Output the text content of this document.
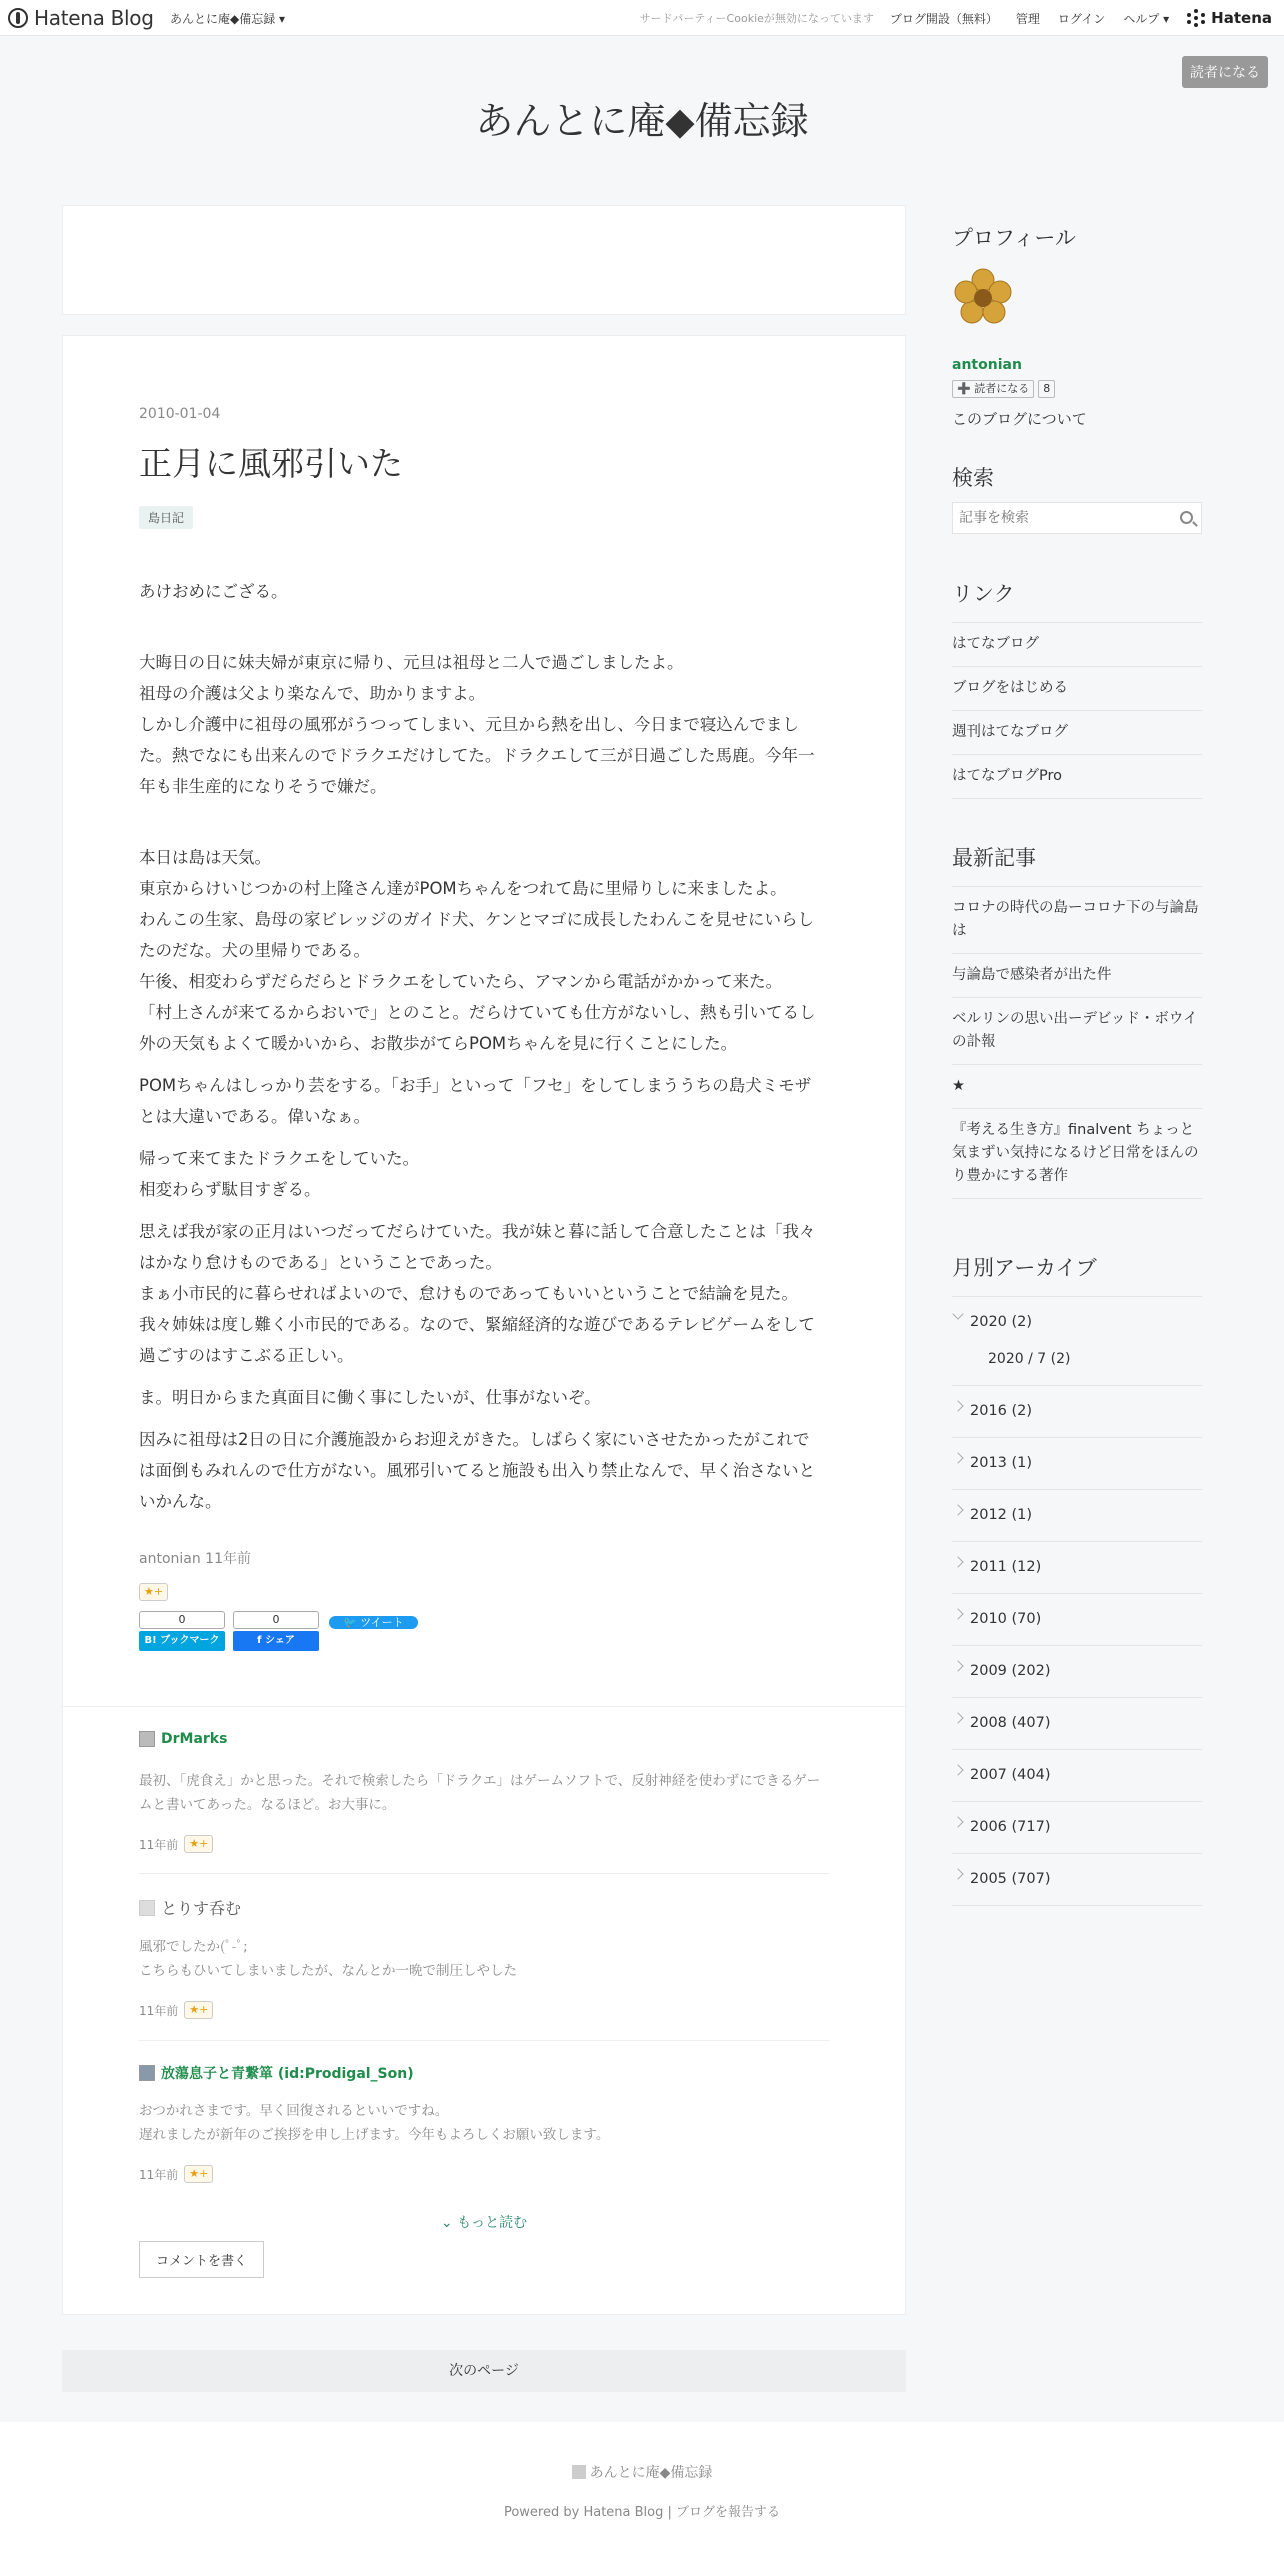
Hatena Blog あんとに庵◆備忘録 ▾	サードパーティーCookieが無効になっています ブログ開設（無料） 管理 ログイン ヘルプ ▾	Hatena
読者になる
あんとに庵◆備忘録
2010-01-04
正月に風邪引いた
島日記

あけおめにござる。

大晦日の日に妹夫婦が東京に帰り、元旦は祖母と二人で過ごしましたよ。
祖母の介護は父より楽なんで、助かりますよ。
しかし介護中に祖母の風邪がうつってしまい、元旦から熱を出し、今日まで寝込んでました。熱でなにも出来んのでドラクエだけしてた。ドラクエして三が日過ごした馬鹿。今年一年も非生産的になりそうで嫌だ。

本日は島は天気。
東京からけいじつかの村上隆さん達がPOMちゃんをつれて島に里帰りしに来ましたよ。
わんこの生家、島母の家ビレッジのガイド犬、ケンとマゴに成長したわんこを見せにいらしたのだな。犬の里帰りである。
午後、相変わらずだらだらとドラクエをしていたら、アマンから電話がかかって来た。
「村上さんが来てるからおいで」とのこと。だらけていても仕方がないし、熱も引いてるし外の天気もよくて暖かいから、お散歩がてらPOMちゃんを見に行くことにした。

POMちゃんはしっかり芸をする。「お手」といって「フセ」をしてしまううちの島犬ミモザとは大違いである。偉いなぁ。

帰って来てまたドラクエをしていた。
相変わらず駄目すぎる。

思えば我が家の正月はいつだってだらけていた。我が妹と暮に話して合意したことは「我々はかなり怠けものである」ということであった。
まぁ小市民的に暮らせればよいので、怠けものであってもいいということで結論を見た。
我々姉妹は度し難く小市民的である。なので、緊縮経済的な遊びであるテレビゲームをして過ごすのはすこぶる正しい。

ま。明日からまた真面目に働く事にしたいが、仕事がないぞ。

因みに祖母は2日の日に介護施設からお迎えがきた。しばらく家にいさせたかったがこれでは面倒もみれんので仕方がない。風邪引いてると施設も出入り禁止なんで、早く治さないといかんな。

antonian 11年前
★+
0
B! ブックマーク
0
f シェア
🐦 ツイート
DrMarks
最初、「虎食え」かと思った。それで検索したら「ドラクエ」はゲームソフトで、反射神経を使わずにできるゲームと書いてあった。なるほど。お大事に。
11年前	★+
とりす呑む
風邪でしたか(ﾟ-ﾟ;
こちらもひいてしまいましたが、なんとか一晩で制圧しやした
11年前	★+
放蕩息子と青繋箪 (id:Prodigal_Son)
おつかれさまです。早く回復されるといいですね。
遅れましたが新年のご挨拶を申し上げます。今年もよろしくお願い致します。
11年前	★+
⌄ もっと読む
コメントを書く
次のページ
プロフィール
antonian
➕ 読者になる	8
このブログについて
検索
記事を検索
リンク
はてなブログ
ブログをはじめる
週刊はてなブログ
はてなブログPro
最新記事
コロナの時代の島ーコロナ下の与論島は
与論島で感染者が出た件
ベルリンの思い出ーデビッド・ボウイの訃報
★
『考える生き方』finalvent ちょっと気まずい気持になるけど日常をほんのり豊かにする著作
月別アーカイブ
2020 (2)
2020 / 7 (2)
2016 (2)
2013 (1)
2012 (1)
2011 (12)
2010 (70)
2009 (202)
2008 (407)
2007 (404)
2006 (717)
2005 (707)
あんとに庵◆備忘録
Powered by Hatena Blog | ブログを報告する
